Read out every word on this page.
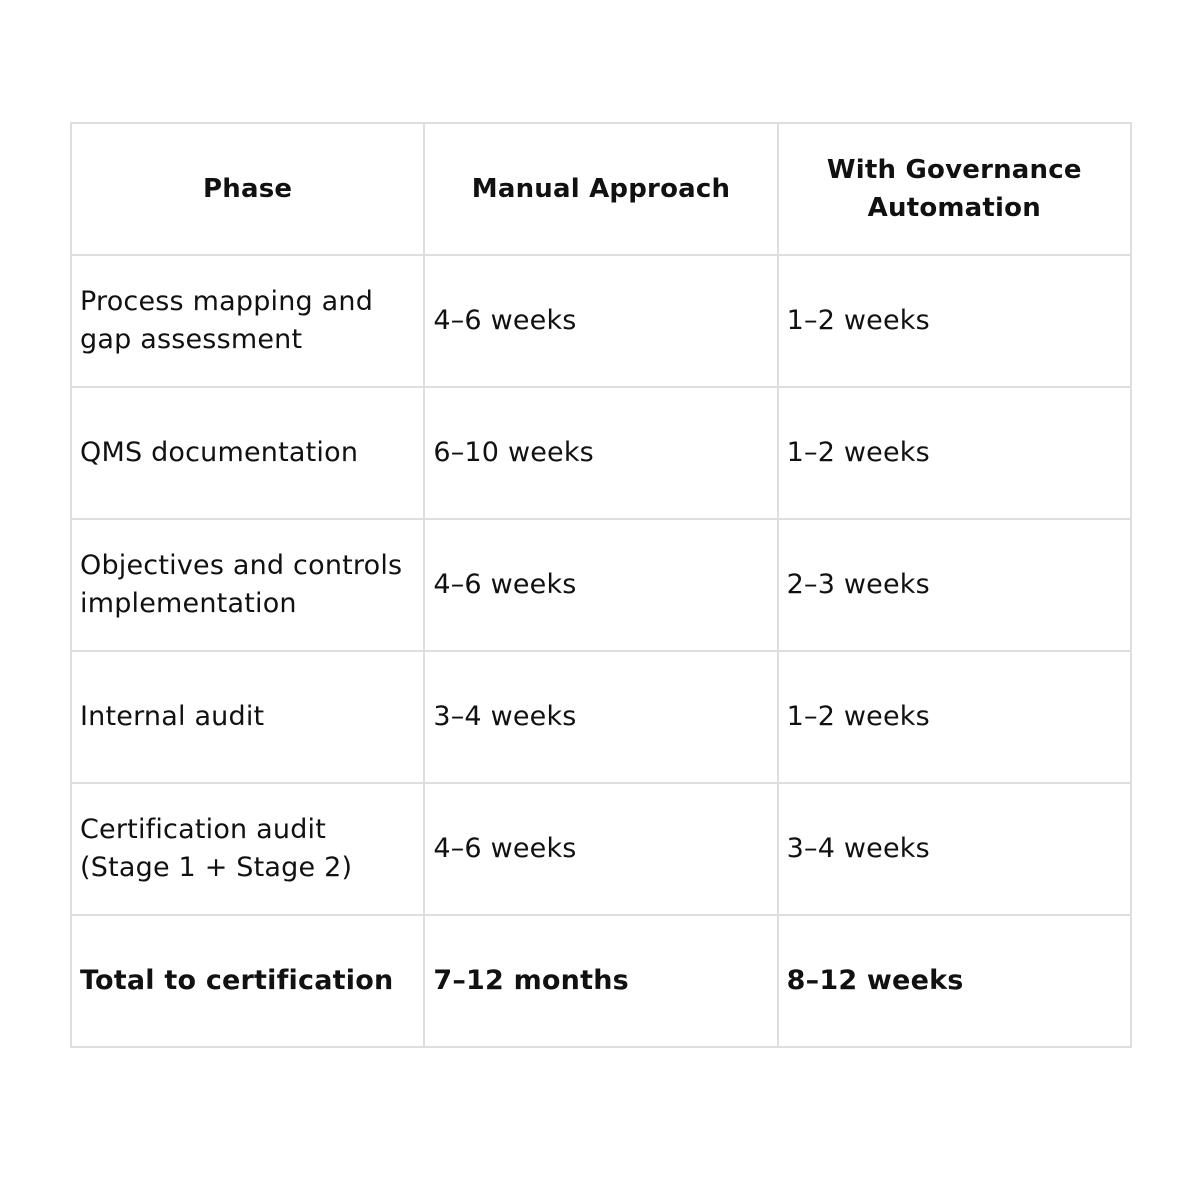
Phase	Manual Approach	With Governance Automation
Process mapping and gap assessment	4–6 weeks	1–2 weeks
QMS documentation	6–10 weeks	1–2 weeks
Objectives and controls implementation	4–6 weeks	2–3 weeks
Internal audit	3–4 weeks	1–2 weeks
Certification audit (Stage 1 + Stage 2)	4–6 weeks	3–4 weeks
Total to certification	7–12 months	8–12 weeks
